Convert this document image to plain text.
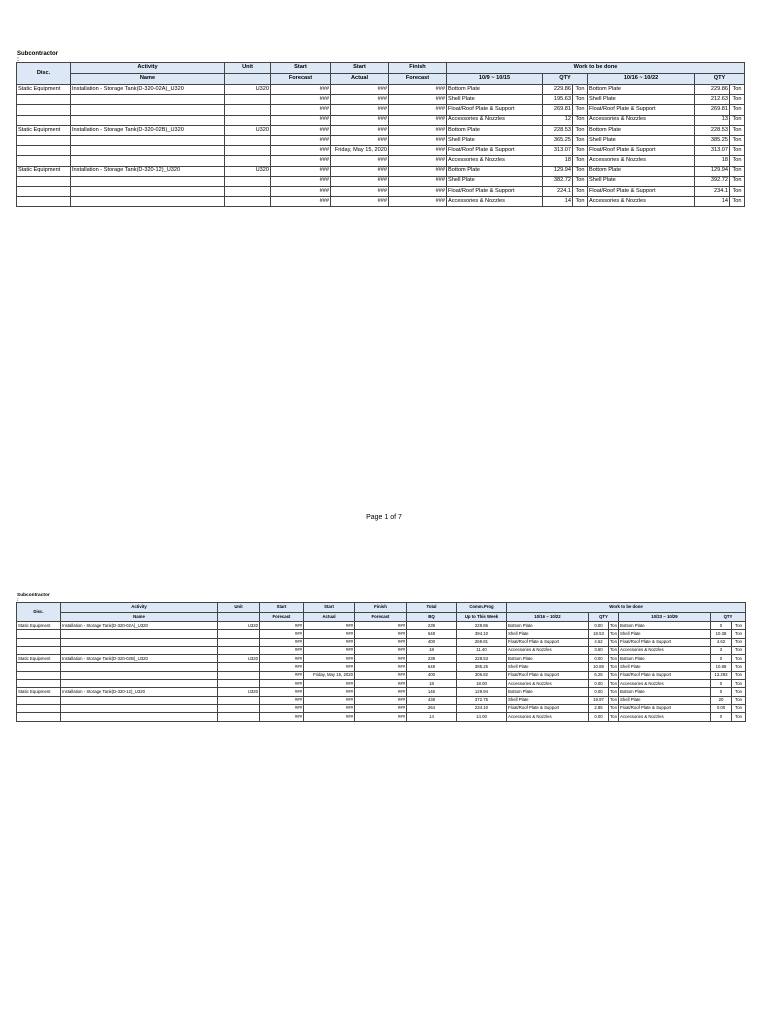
Subcontractor :
Disc.	Activity	Unit	Start	Start	Finish	Work to be done					
	Name		Forecast	Actual	Forecast	10/9 ~ 10/15	QTY		10/16 ~ 10/22	QTY	
Static Equipment	Installation - Storage Tank(D-320-02A)_U320	U320	###	###	###	Bottom Plate	229.86	Ton	Bottom Plate	229.86	Ton
			###	###	###	Shell Plate	195.63	Ton	Shell Plate	212.63	Ton
			###	###	###	Float/Roof Plate & Support	269.81	Ton	Float/Roof Plate & Support	269.81	Ton
			###	###	###	Accessories & Nozzles	12	Ton	Accessories & Nozzles	13	Ton
Static Equipment	Installation - Storage Tank(D-320-02B)_U320	U320	###	###	###	Bottom Plate	228.53	Ton	Bottom Plate	228.53	Ton
			###	###	###	Shell Plate	365.25	Ton	Shell Plate	385.25	Ton
			###	Friday, May 15, 2020	###	Float/Roof Plate & Support	313.07	Ton	Float/Roof Plate & Support	313.07	Ton
			###	###	###	Accessories & Nozzles	18	Ton	Accessories & Nozzles	18	Ton
Static Equipment	Installation - Storage Tank(D-320-12)_U320	U320	###	###	###	Bottom Plate	129.94	Ton	Bottom Plate	129.94	Ton
			###	###	###	Shell Plate	382.72	Ton	Shell Plate	392.72	Ton
			###	###	###	Float/Roof Plate & Support	224.1	Ton	Float/Roof Plate & Support	234.1	Ton
			###	###	###	Accessories & Nozzles	14	Ton	Accessories & Nozzles	14	Ton
Page 1 of 7
Subcontractor :
Disc.	Activity	Unit	Start	Start	Finish	Total	Comm.Prog	Work to be done					
	Name		Forecast	Actual	Forecast	BQ	Up to This Week	10/16 ~ 10/22	QTY		10/23 ~ 10/29	QTY	
Static Equipment	Installation - Storage Tank(D-320-02A)_U320	U320	###	###	###	239	229.86	Bottom Plate	0.00	Ton	Bottom Plate	0	Ton
			###	###	###	648	394.10	Shell Plate	18.53	Ton	Shell Plate	10.38	Ton
			###	###	###	400	269.81	Float/Roof Plate & Support	4.62	Ton	Float/Roof Plate & Support	4.62	Ton
			###	###	###	18	11.40	Accessories & Nozzles	3.60	Ton	Accessories & Nozzles	3	Ton
Static Equipment	Installation - Storage Tank(D-320-02B)_U320	U320	###	###	###	239	228.53	Bottom Plate	0.00	Ton	Bottom Plate	0	Ton
			###	###	###	648	385.25	Shell Plate	10.88	Ton	Shell Plate	10.88	Ton
			###	Friday, May 15, 2020	###	400	306.82	Float/Roof Plate & Support	6.25	Ton	Float/Roof Plate & Support	13.293	Ton
			###	###	###	18	18.00	Accessories & Nozzles	0.00	Ton	Accessories & Nozzles	0	Ton
Static Equipment	Installation - Storage Tank(D-320-12)_U320	U320	###	###	###	146	129.94	Bottom Plate	0.00	Ton	Bottom Plate	0	Ton
			###	###	###	438	372.75	Shell Plate	19.97	Ton	Shell Plate	20	Ton
			###	###	###	264	234.10	Float/Roof Plate & Support	2.85	Ton	Float/Roof Plate & Support	0.00	Ton
			###	###	###	14	14.00	Accessories & Nozzles	0.00	Ton	Accessories & Nozzles	0	Ton
